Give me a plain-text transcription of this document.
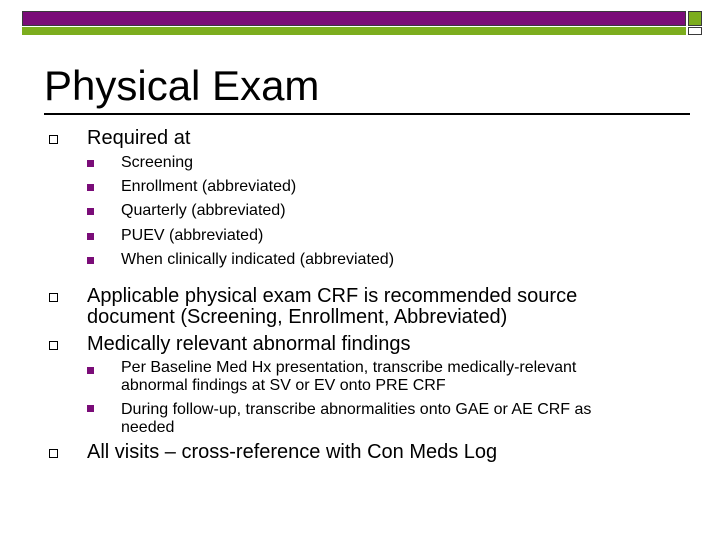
Physical Exam
Required at
Screening
Enrollment (abbreviated)
Quarterly (abbreviated)
PUEV (abbreviated)
When clinically indicated (abbreviated)
Applicable physical exam CRF is recommended source
document (Screening, Enrollment, Abbreviated)
Medically relevant abnormal findings
Per Baseline Med Hx presentation, transcribe medically-relevant
abnormal findings at SV or EV onto PRE CRF
During follow-up, transcribe abnormalities onto GAE or AE CRF as
needed
All visits – cross-reference with Con Meds Log
